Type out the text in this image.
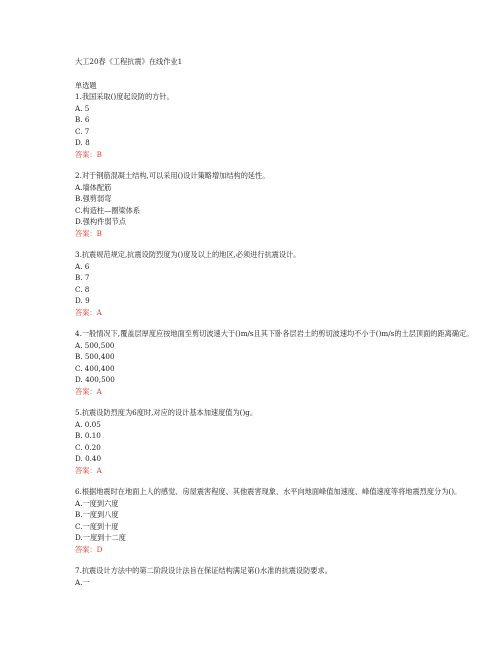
大工20春《工程抗震》在线作业1
单选题
1.我国采取()度起设防的方针。
A. 5
B. 6
C. 7
D. 8
答案：B
2.对于钢筋混凝土结构,可以采用()设计策略增加结构的延性。
A.墙体配筋
B.强剪弱弯
C.构造柱—圈梁体系
D.强构件弱节点
答案：B
3.抗震规范规定,抗震设防烈度为()度及以上的地区,必须进行抗震设计。
A. 6
B. 7
C. 8
D. 9
答案：A
4.一般情况下,覆盖层厚度应按地面至剪切波速大于()m/s且其下卧各层岩土的剪切波速均不小于()m/s的土层顶面的距离确定。
A. 500,500
B. 500,400
C. 400,400
D. 400,500
答案：A
5.抗震设防烈度为6度时,对应的设计基本加速度值为()g。
A. 0.05
B. 0.10
C. 0.20
D. 0.40
答案：A
6.根据地震时在地面上人的感觉、房屋震害程度、其他震害现象、水平向地面峰值加速度、峰值速度等将地震烈度分为()。
A.一度到六度
B.一度到八度
C.一度到十度
D.一度到十二度
答案：D
7.抗震设计方法中的第二阶段设计法旨在保证结构满足第()水准的抗震设防要求。
A.一
